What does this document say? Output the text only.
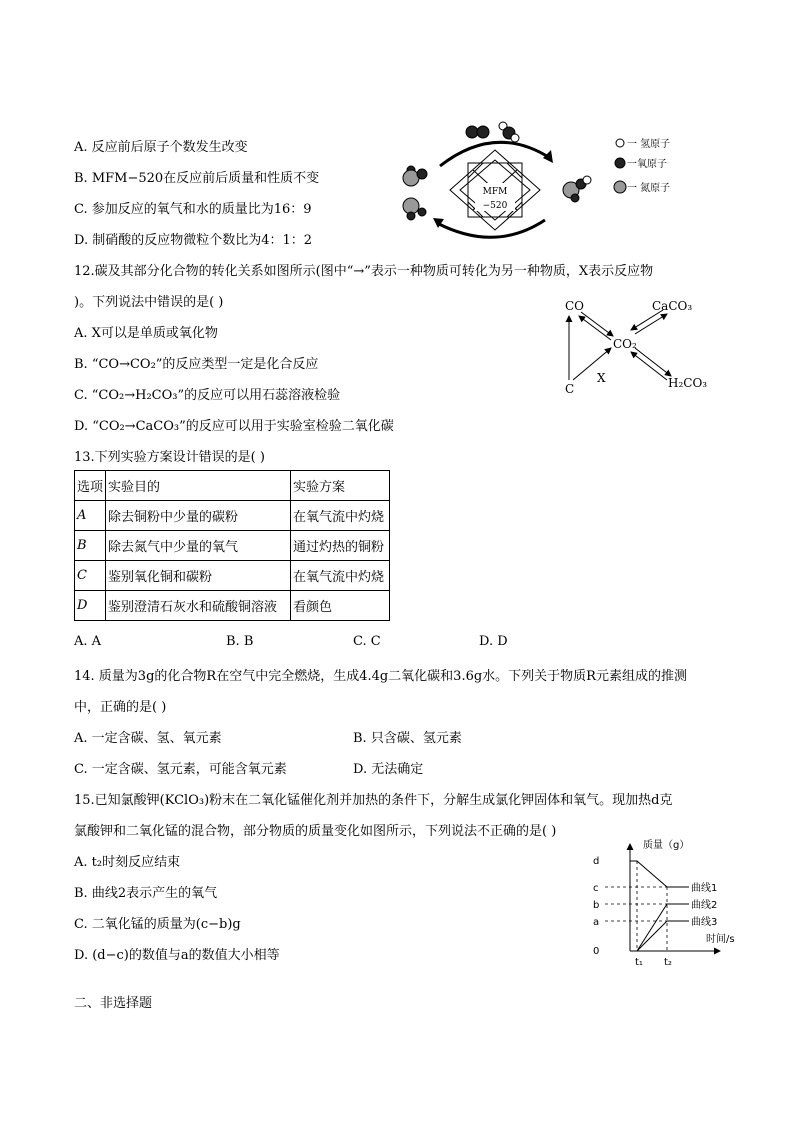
A. 反应前后原子个数发生改变
B. MFM−520在反应前后质量和性质不变
C. 参加反应的氧气和水的质量比为16：9
D. 制硝酸的反应物微粒个数比为4：1：2
MFM
−520
一 氢原子
一氧原子
一 氮原子
12.碳及其部分化合物的转化关系如图所示(图中“→”表示一种物质可转化为另一种物质，X表示反应物
)。下列说法中错误的是( )
A. X可以是单质或氧化物
B. “CO→CO₂”的反应类型一定是化合反应
C. “CO₂→H₂CO₃”的反应可以用石蕊溶液检验
D. “CO₂→CaCO₃”的反应可以用于实验室检验二氧化碳
CO	CaCO₃
CO₂
C
X	H₂CO₃
13.下列实验方案设计错误的是( )
选项	实验目的	实验方案
A	除去铜粉中少量的碳粉	在氧气流中灼烧
B	除去氮气中少量的氧气	通过灼热的铜粉
C	鉴别氧化铜和碳粉	在氧气流中灼烧
D	鉴别澄清石灰水和硫酸铜溶液	看颜色
A. A	B. B	C. C	D. D
14. 质量为3g的化合物R在空气中完全燃烧，生成4.4g二氧化碳和3.6g水。下列关于物质R元素组成的推测
中，正确的是( )
A. 一定含碳、氢、氧元素	B. 只含碳、氢元素
C. 一定含碳、氢元素，可能含氧元素	D. 无法确定
15.已知氯酸钾(KClO₃)粉末在二氧化锰催化剂并加热的条件下，分解生成氯化钾固体和氧气。现加热d克
氯酸钾和二氧化锰的混合物，部分物质的质量变化如图所示，下列说法不正确的是( )
A. t₂时刻反应结束
B. 曲线2表示产生的氧气
C. 二氧化锰的质量为(c−b)g
D. (d−c)的数值与a的数值大小相等
质量（g）
时间/s
d
c
b
a
0
t₁ t₂
曲线1
曲线2
曲线3
二、非选择题
